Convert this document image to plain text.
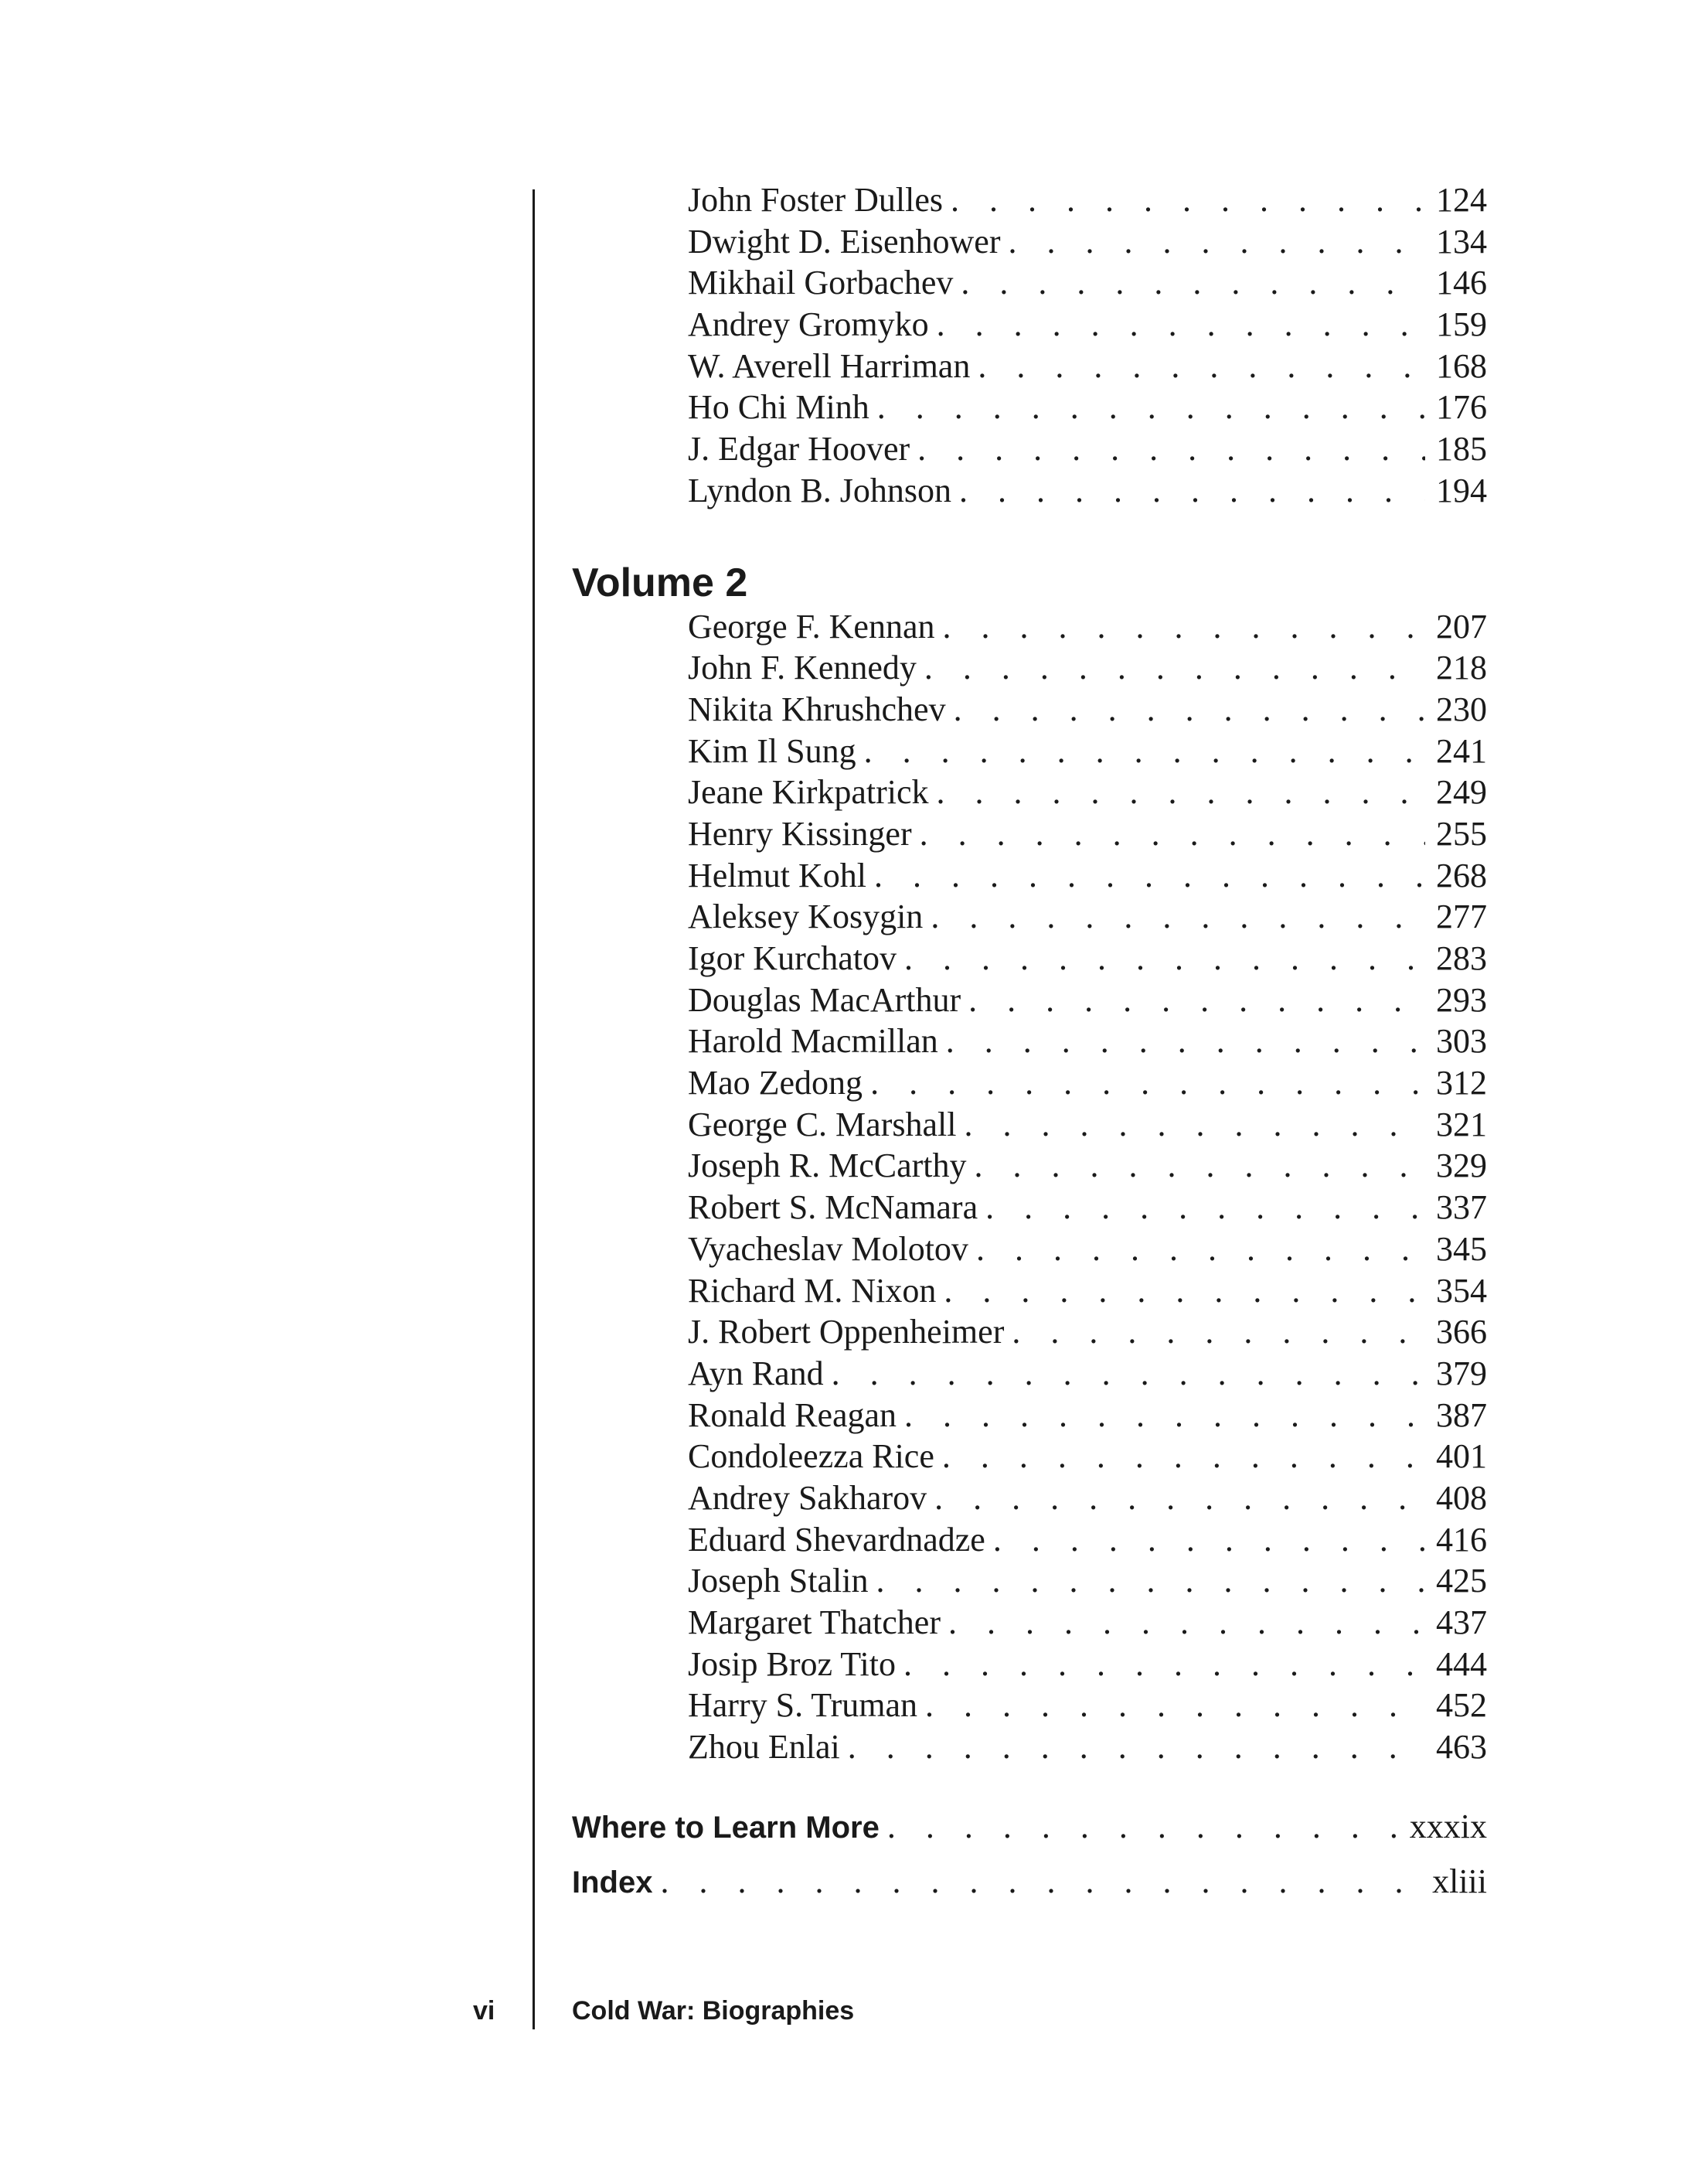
John Foster Dulles . . .	124
Dwight D. Eisenhower . . .	134
Mikhail Gorbachev . . .	146
Andrey Gromyko . . .	159
W. Averell Harriman . . .	168
Ho Chi Minh . . .	176
J. Edgar Hoover . . .	185
Lyndon B. Johnson . . .	194
Volume 2
George F. Kennan . . .	207
John F. Kennedy . . .	218
Nikita Khrushchev . . .	230
Kim Il Sung . . .	241
Jeane Kirkpatrick . . .	249
Henry Kissinger . . .	255
Helmut Kohl . . .	268
Aleksey Kosygin . . .	277
Igor Kurchatov . . .	283
Douglas MacArthur . . .	293
Harold Macmillan . . .	303
Mao Zedong . . .	312
George C. Marshall . . .	321
Joseph R. McCarthy . . .	329
Robert S. McNamara . . .	337
Vyacheslav Molotov . . .	345
Richard M. Nixon . . .	354
J. Robert Oppenheimer . . .	366
Ayn Rand . . .	379
Ronald Reagan . . .	387
Condoleezza Rice . . .	401
Andrey Sakharov . . .	408
Eduard Shevardnadze . . .	416
Joseph Stalin . . .	425
Margaret Thatcher . . .	437
Josip Broz Tito . . .	444
Harry S. Truman . . .	452
Zhou Enlai . . .	463
Where to Learn More . . .	xxxix
Index . . .	xliii
vi	Cold War: Biographies
